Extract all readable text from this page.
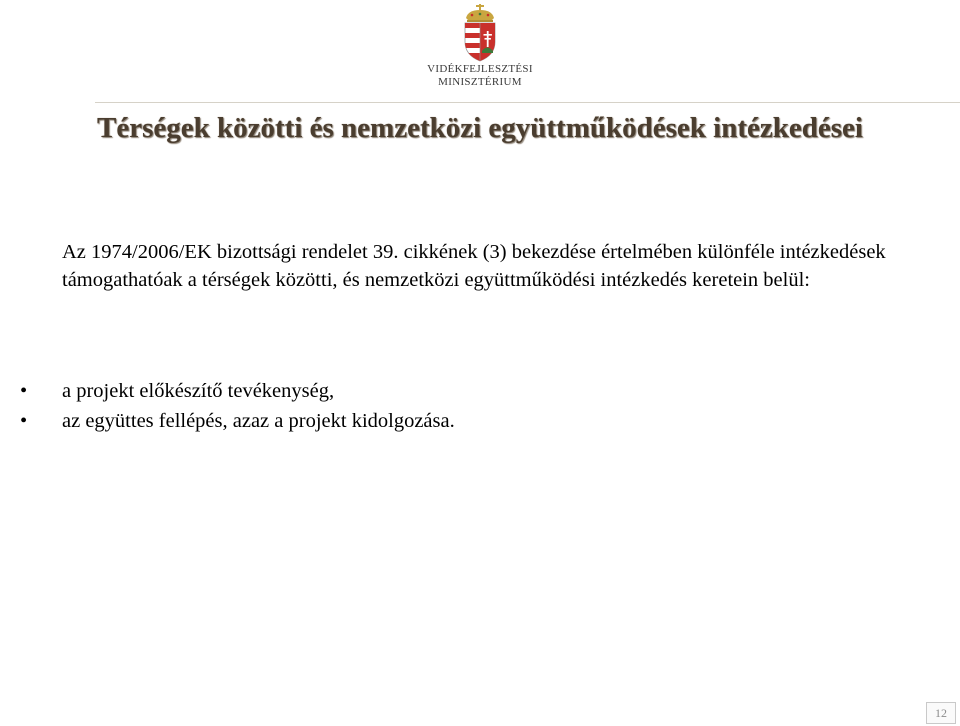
VIDÉKFEJLESZTÉSI
MINISZTÉRIUM
Térségek közötti és nemzetközi együttműködések intézkedései

Az 1974/2006/EK bizottsági rendelet 39. cikkének (3) bekezdése értelmében különféle intézkedések támogathatóak a térségek közötti, és nemzetközi együttműködési intézkedés keretein belül:

• a projekt előkészítő tevékenység,
• az együttes fellépés, azaz a projekt kidolgozása.
12
